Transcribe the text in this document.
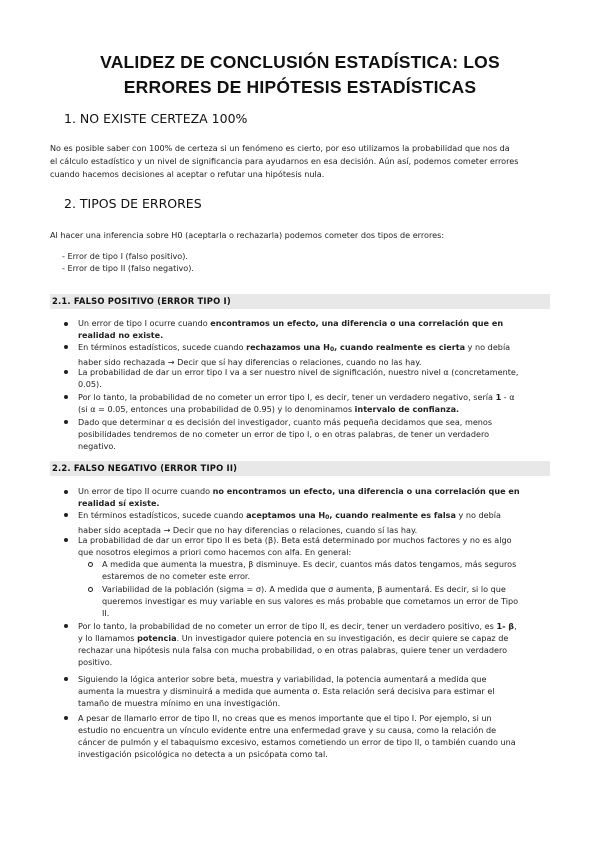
VALIDEZ DE CONCLUSIÓN ESTADÍSTICA: LOS
ERRORES DE HIPÓTESIS ESTADÍSTICAS
1. NO EXISTE CERTEZA 100%
No es posible saber con 100% de certeza si un fenómeno es cierto, por eso utilizamos la probabilidad que nos da
el cálculo estadístico y un nivel de significancia para ayudarnos en esa decisión. Aún así, podemos cometer errores
cuando hacemos decisiones al aceptar o refutar una hipótesis nula.
2. TIPOS DE ERRORES
Al hacer una inferencia sobre H0 (aceptarla o rechazarla) podemos cometer dos tipos de errores:
- Error de tipo I (falso positivo).
- Error de tipo II (falso negativo).
2.1. FALSO POSITIVO (ERROR TIPO I)
Un error de tipo I ocurre cuando encontramos un efecto, una diferencia o una correlación que en
realidad no existe.
En términos estadísticos, sucede cuando rechazamos una $H_0$, cuando realmente es cierta y no debía
haber sido rechazada → Decir que sí hay diferencias o relaciones, cuando no las hay.
La probabilidad de dar un error tipo I va a ser nuestro nivel de significación, nuestro nivel α (concretamente,
0.05).
Por lo tanto, la probabilidad de no cometer un error tipo I, es decir, tener un verdadero negativo, sería 1 - α
(si α = 0.05, entonces una probabilidad de 0.95) y lo denominamos intervalo de confianza.
Dado que determinar α es decisión del investigador, cuanto más pequeña decidamos que sea, menos
posibilidades tendremos de no cometer un error de tipo I, o en otras palabras, de tener un verdadero
negativo.
2.2. FALSO NEGATIVO (ERROR TIPO II)
Un error de tipo II ocurre cuando no encontramos un efecto, una diferencia o una correlación que en
realidad sí existe.
En términos estadísticos, sucede cuando aceptamos una $H_0$, cuando realmente es falsa y no debía
haber sido aceptada → Decir que no hay diferencias o relaciones, cuando sí las hay.
La probabilidad de dar un error tipo II es beta (β). Beta está determinado por muchos factores y no es algo
que nosotros elegimos a priori como hacemos con alfa. En general:
A medida que aumenta la muestra, β disminuye. Es decir, cuantos más datos tengamos, más seguros
estaremos de no cometer este error.
Variabilidad de la población (sigma = σ). A medida que σ aumenta, β aumentará. Es decir, si lo que
queremos investigar es muy variable en sus valores es más probable que cometamos un error de Tipo
II.
Por lo tanto, la probabilidad de no cometer un error de tipo II, es decir, tener un verdadero positivo, es 1- β,
y lo llamamos potencia. Un investigador quiere potencia en su investigación, es decir quiere se capaz de
rechazar una hipótesis nula falsa con mucha probabilidad, o en otras palabras, quiere tener un verdadero
positivo.
Siguiendo la lógica anterior sobre beta, muestra y variabilidad, la potencia aumentará a medida que
aumenta la muestra y disminuirá a medida que aumenta σ. Esta relación será decisiva para estimar el
tamaño de muestra mínimo en una investigación.
A pesar de llamarlo error de tipo II, no creas que es menos importante que el tipo I. Por ejemplo, si un
estudio no encuentra un vínculo evidente entre una enfermedad grave y su causa, como la relación de
cáncer de pulmón y el tabaquismo excesivo, estamos cometiendo un error de tipo II, o también cuando una
investigación psicológica no detecta a un psicópata como tal.
